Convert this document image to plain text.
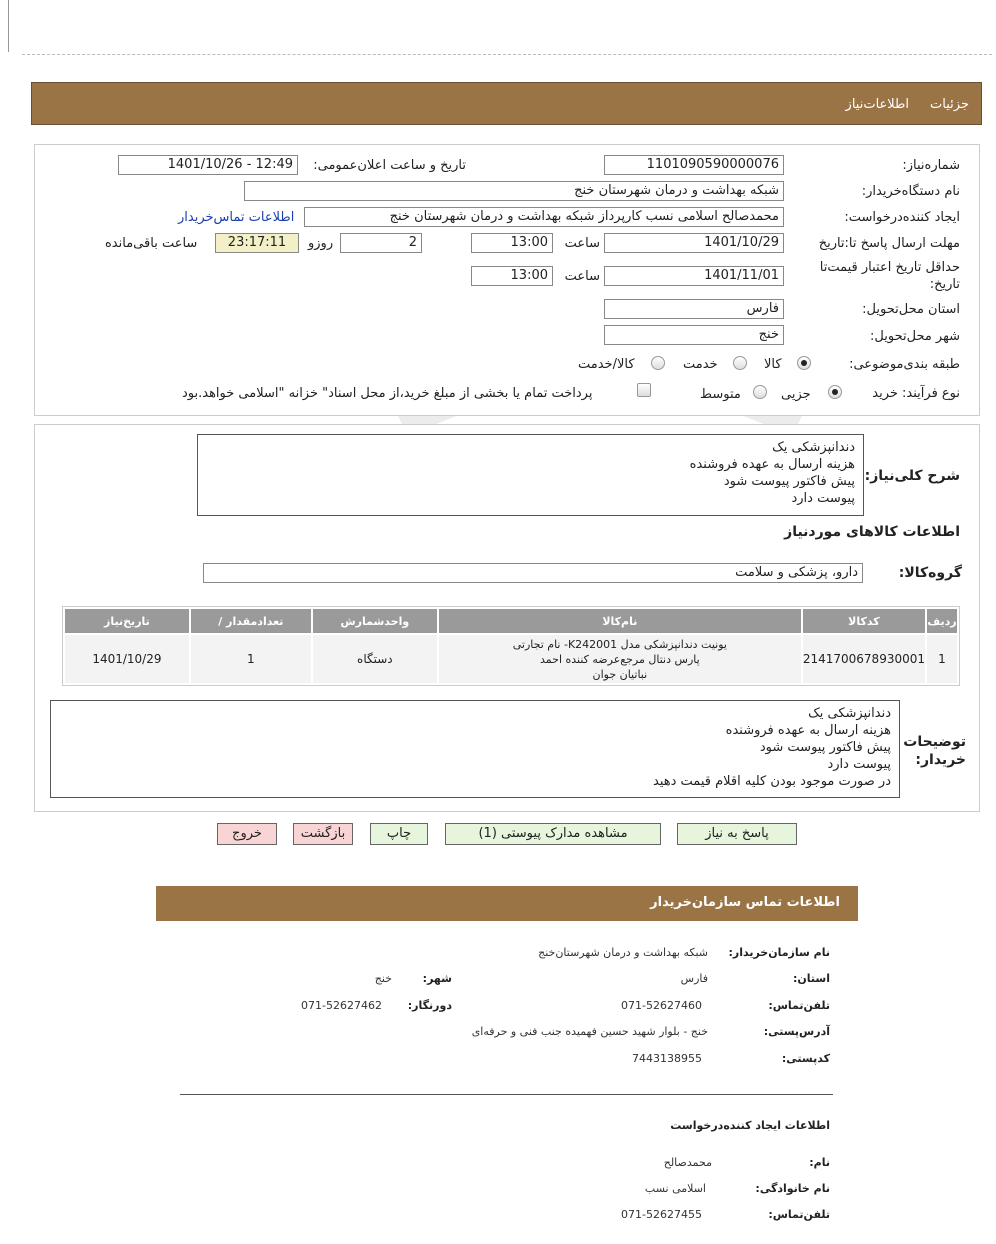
جزئیات
اطلاعات‌نیاز
شماره‌نیاز:
1101090590000076
تاریخ و ساعت اعلان‌عمومی:
1401/10/26 - 12:49
نام دستگاه‌خریدار:
شبکه بهداشت و درمان شهرستان خنج
ایجاد کننده‌درخواست:
محمدصالح اسلامی نسب کارپرداز شبکه بهداشت و درمان شهرستان خنج
اطلاعات تماس‌خریدار
مهلت ارسال پاسخ تا:تاریخ
1401/10/29
ساعت
13:00
2
روزو
23:17:11
ساعت باقی‌مانده
حداقل تاریخ اعتبار قیمت‌تا
تاریخ:
1401/11/01
ساعت
13:00
استان محل‌تحویل:
فارس
شهر محل‌تحویل:
خنج
طبقه بندی‌موضوعی:
کالا
خدمت
کالا/خدمت
نوع فرآیند: خرید
جزیی
متوسط
پرداخت تمام یا بخشی از مبلغ خرید،از محل اسناد" خزانه "اسلامی خواهد.بود
شرح کلی‌نیاز:
دندانپزشکی یک
هزینه ارسال به عهده فروشنده
پیش فاکتور پیوست شود
پیوست دارد
اطلاعات کالاهای مورد‌نیاز
گروه‌کالا:
دارو، پزشکی و سلامت
ردیف	کدکالا	نام‌کالا	واحد‌شمارش	تعداد‌مقدار /	تاریخ‌نیاز
1	2141700678930001	یونیت دندانپزشکی مدل K242001- نام تجارتی
پارس دنتال مرجع‌عرضه کننده احمد
نباتیان جوان	دستگاه	1	1401/10/29
توضیحات
خریدار:
دندانپزشکی یک
هزینه ارسال به عهده فروشنده
پیش فاکتور پیوست شود
پیوست دارد
در صورت موجود بودن کلیه اقلام قیمت دهید
پاسخ به نیاز
مشاهده مدارک پیوستی (1)
چاپ
بازگشت
خروج
اطلاعات تماس سازمان‌خریدار
نام سازمان‌خریدار:
شبکه بهداشت و درمان شهرستان‌خنج
استان:
فارس
شهر:
خنج
تلفن‌تماس:
071-52627460
دورنگار:
071-52627462
آدرس‌پستی:
خنج - بلوار شهید حسین فهمیده جنب فنی و حرفه‌ای
کدپستی:
7443138955
اطلاعات ایجاد کننده‌درخواست
نام:
محمدصالح
نام خانوادگی:
اسلامی نسب
تلفن‌تماس:
071-52627455
